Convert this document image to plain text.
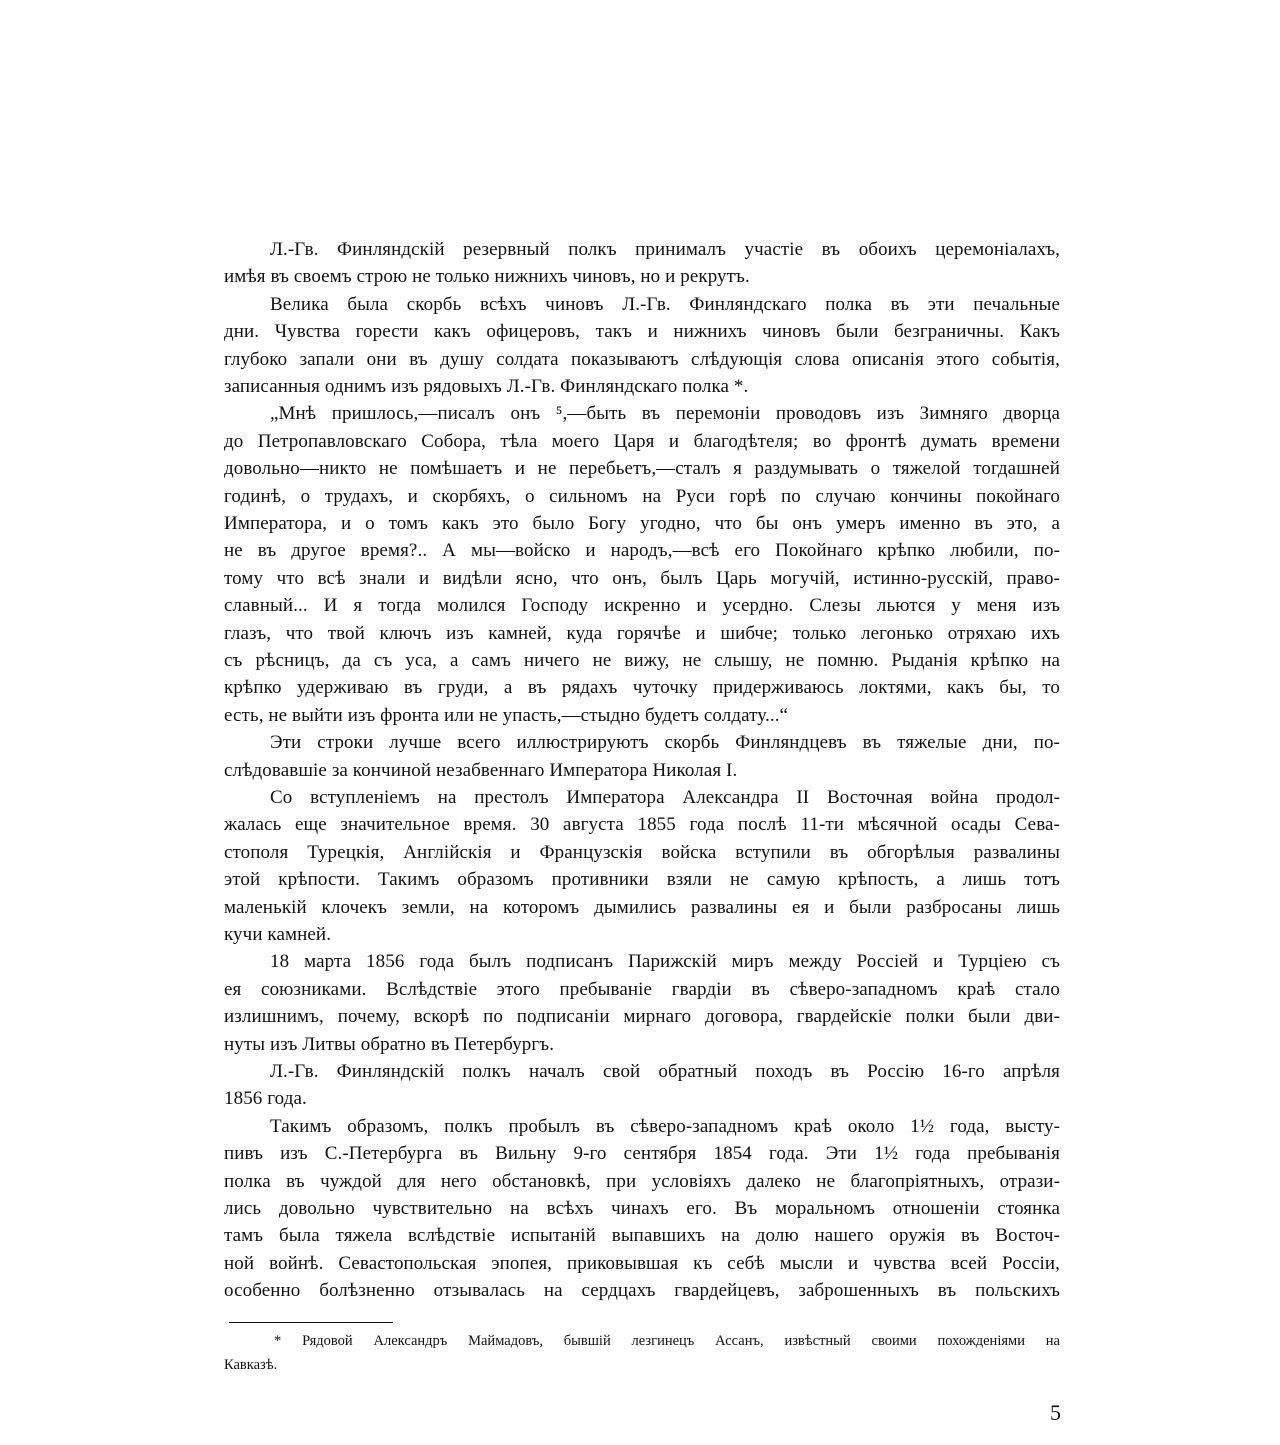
Л.-Гв. Финляндскій резервный полкъ принималъ участіе въ обоихъ церемоніалахъ,
имѣя въ своемъ строю не только нижнихъ чиновъ, но и рекрутъ.
Велика была скорбь всѣхъ чиновъ Л.-Гв. Финляндскаго полка въ эти печальные
дни. Чувства горести какъ офицеровъ, такъ и нижнихъ чиновъ были безграничны. Какъ
глубоко запали они въ душу солдата показываютъ слѣдующія слова описанія этого событія,
записанныя однимъ изъ рядовыхъ Л.-Гв. Финляндскаго полка *.
„Мнѣ пришлось,—писалъ онъ ⁵,—быть въ перемоніи проводовъ изъ Зимняго дворца
до Петропавловскаго Собора, тѣла моего Царя и благодѣтеля; во фронтѣ думать времени
довольно—никто не помѣшаетъ и не перебьетъ,—сталъ я раздумывать о тяжелой тогдашней
годинѣ, о трудахъ, и скорбяхъ, о сильномъ на Руси горѣ по случаю кончины покойнаго
Императора, и о томъ какъ это было Богу угодно, что бы онъ умеръ именно въ это, а
не въ другое время?.. А мы—войско и народъ,—всѣ его Покойнаго крѣпко любили, по-
тому что всѣ знали и видѣли ясно, что онъ, былъ Царь могучій, истинно-русскій, право-
славный... И я тогда молился Господу искренно и усердно. Слезы льются у меня изъ
глазъ, что твой ключъ изъ камней, куда горячѣе и шибче; только легонько отряхаю ихъ
съ рѣсницъ, да съ уса, а самъ ничего не вижу, не слышу, не помню. Рыданія крѣпко на
крѣпко удерживаю въ груди, а въ рядахъ чуточку придерживаюсь локтями, какъ бы, то
есть, не выйти изъ фронта или не упасть,—стыдно будетъ солдату...“
Эти строки лучше всего иллюстрируютъ скорбь Финляндцевъ въ тяжелые дни, по-
слѣдовавшіе за кончиной незабвеннаго Императора Николая I.
Со вступленіемъ на престолъ Императора Александра II Восточная война продол-
жалась еще значительное время. 30 августа 1855 года послѣ 11-ти мѣсячной осады Сева-
стополя Турецкія, Англійскія и Французскія войска вступили въ обгорѣлыя развалины
этой крѣпости. Такимъ образомъ противники взяли не самую крѣпость, а лишь тотъ
маленькій клочекъ земли, на которомъ дымились развалины ея и были разбросаны лишь
кучи камней.
18 марта 1856 года былъ подписанъ Парижскій миръ между Россіей и Турціею съ
ея союзниками. Вслѣдствіе этого пребываніе гвардіи въ сѣверо-западномъ краѣ стало
излишнимъ, почему, вскорѣ по подписаніи мирнаго договора, гвардейскіе полки были дви-
нуты изъ Литвы обратно въ Петербургъ.
Л.-Гв. Финляндскій полкъ началъ свой обратный походъ въ Россію 16-го апрѣля
1856 года.
Такимъ образомъ, полкъ пробылъ въ сѣверо-западномъ краѣ около 1½ года, высту-
пивъ изъ С.-Петербурга въ Вильну 9-го сентября 1854 года. Эти 1½ года пребыванія
полка въ чуждой для него обстановкѣ, при условіяхъ далеко не благопріятныхъ, отрази-
лись довольно чувствительно на всѣхъ чинахъ его. Въ моральномъ отношеніи стоянка
тамъ была тяжела вслѣдствіе испытаній выпавшихъ на долю нашего оружія въ Восточ-
ной войнѣ. Севастопольская эпопея, приковывшая къ себѣ мысли и чувства всей Россіи,
особенно болѣзненно отзывалась на сердцахъ гвардейцевъ, заброшенныхъ въ польскихъ
* Рядовой Александръ Маймадовъ, бывшій лезгинецъ Ассанъ, извѣстный своими похожденіями на
Кавказѣ.
5
